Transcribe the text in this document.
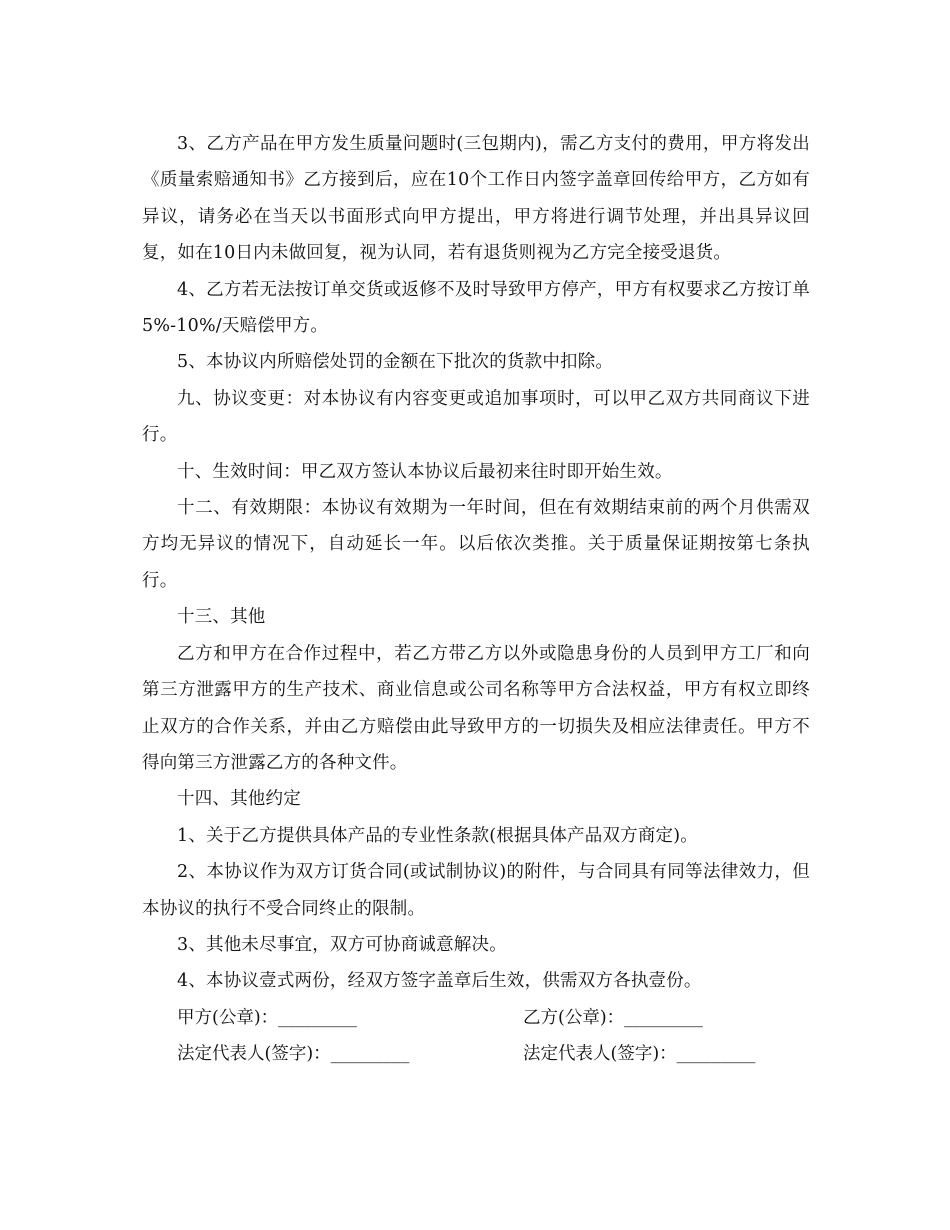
3、乙方产品在甲方发生质量问题时(三包期内)，需乙方支付的费用，甲方将发出《质量索赔通知书》乙方接到后，应在10个工作日内签字盖章回传给甲方，乙方如有异议，请务必在当天以书面形式向甲方提出，甲方将进行调节处理，并出具异议回复，如在10日内未做回复，视为认同，若有退货则视为乙方完全接受退货。

4、乙方若无法按订单交货或返修不及时导致甲方停产，甲方有权要求乙方按订单5%-10%/天赔偿甲方。

5、本协议内所赔偿处罚的金额在下批次的货款中扣除。

九、协议变更：对本协议有内容变更或追加事项时，可以甲乙双方共同商议下进行。

十、生效时间：甲乙双方签认本协议后最初来往时即开始生效。

十二、有效期限：本协议有效期为一年时间，但在有效期结束前的两个月供需双方均无异议的情况下，自动延长一年。以后依次类推。关于质量保证期按第七条执行。

十三、其他

乙方和甲方在合作过程中，若乙方带乙方以外或隐患身份的人员到甲方工厂和向第三方泄露甲方的生产技术、商业信息或公司名称等甲方合法权益，甲方有权立即终止双方的合作关系，并由乙方赔偿由此导致甲方的一切损失及相应法律责任。甲方不得向第三方泄露乙方的各种文件。

十四、其他约定

1、关于乙方提供具体产品的专业性条款(根据具体产品双方商定)。

2、本协议作为双方订货合同(或试制协议)的附件，与合同具有同等法律效力，但本协议的执行不受合同终止的限制。

3、其他未尽事宜，双方可协商诚意解决。

4、本协议壹式两份，经双方签字盖章后生效，供需双方各执壹份。

甲方(公章)：_________	乙方(公章)：_________
法定代表人(签字)：_________	法定代表人(签字)：_________
